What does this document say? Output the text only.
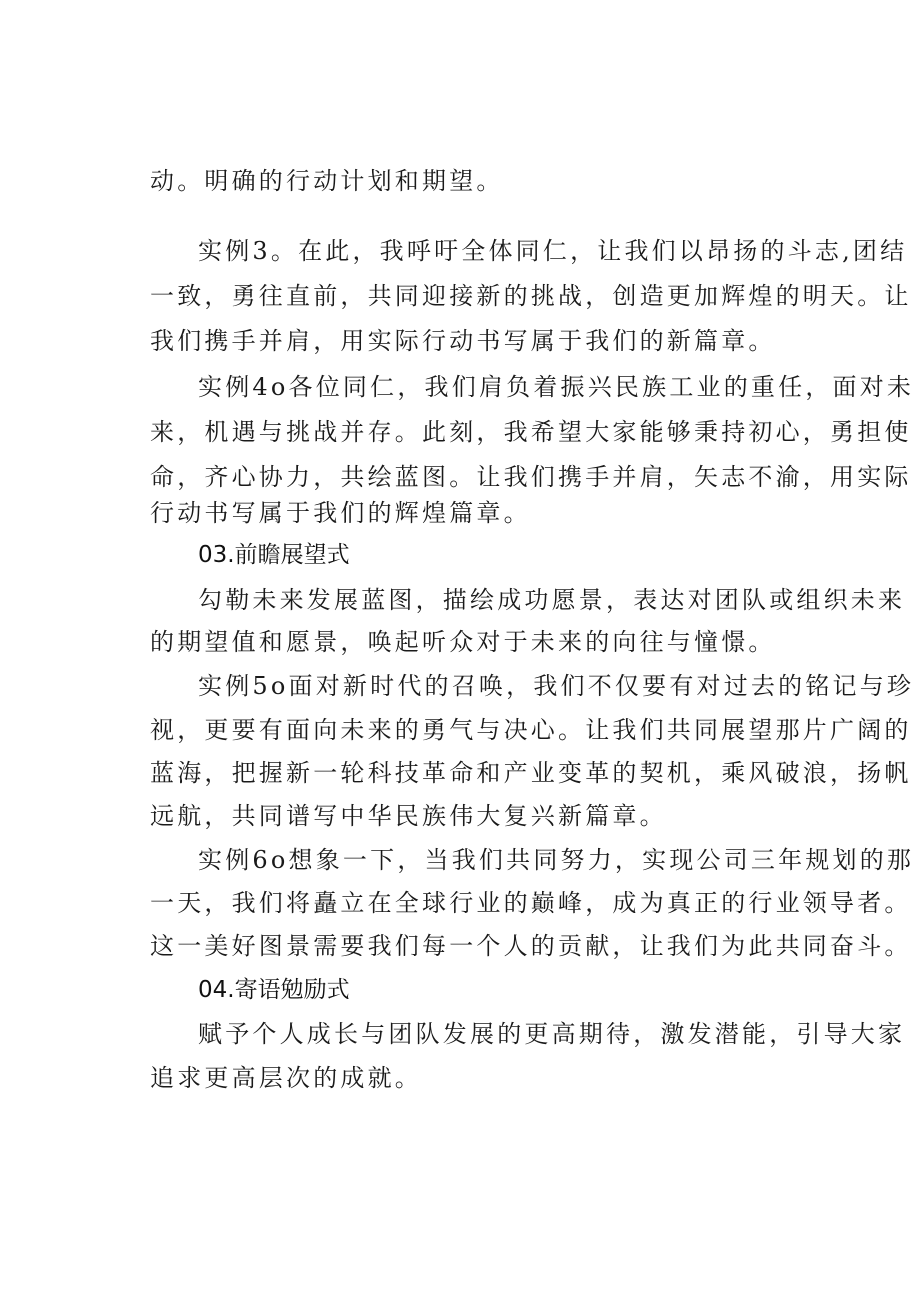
动。明确的行动计划和期望。
实例3。在此，我呼吁全体同仁，让我们以昂扬的斗志,团结
一致，勇往直前，共同迎接新的挑战，创造更加辉煌的明天。让
我们携手并肩，用实际行动书写属于我们的新篇章。
实例4o各位同仁，我们肩负着振兴民族工业的重任，面对未
来，机遇与挑战并存。此刻，我希望大家能够秉持初心，勇担使
命，齐心协力，共绘蓝图。让我们携手并肩，矢志不渝，用实际
行动书写属于我们的辉煌篇章。
03.前瞻展望式
勾勒未来发展蓝图，描绘成功愿景，表达对团队或组织未来
的期望值和愿景，唤起听众对于未来的向往与憧憬。
实例5o面对新时代的召唤，我们不仅要有对过去的铭记与珍
视，更要有面向未来的勇气与决心。让我们共同展望那片广阔的
蓝海，把握新一轮科技革命和产业变革的契机，乘风破浪，扬帆
远航，共同谱写中华民族伟大复兴新篇章。
实例6o想象一下，当我们共同努力，实现公司三年规划的那
一天，我们将矗立在全球行业的巅峰，成为真正的行业领导者。
这一美好图景需要我们每一个人的贡献，让我们为此共同奋斗。
04.寄语勉励式
赋予个人成长与团队发展的更高期待，激发潜能，引导大家
追求更高层次的成就。
